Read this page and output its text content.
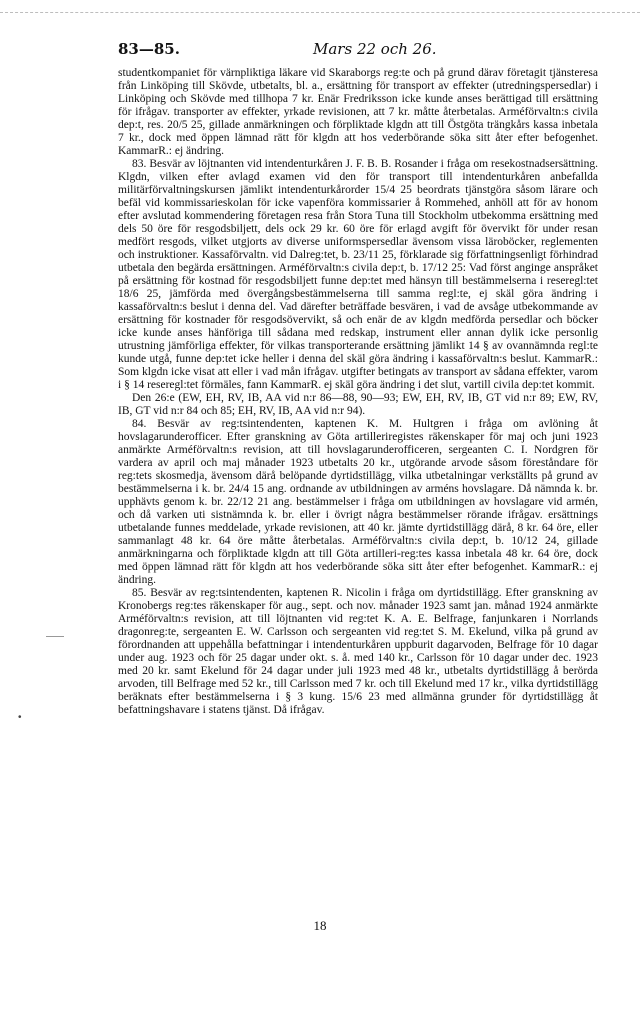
83—85.	Mars 22 och 26.

studentkompaniet för värnpliktiga läkare vid Skaraborgs reg:te och på grund därav företagit tjänsteresa från Linköping till Skövde, utbetalts, bl. a., ersättning för transport av effekter (utredningspersedlar) i Linköping och Skövde med tillhopa 7 kr. Enär Fredriksson icke kunde anses berättigad till ersättning för ifrågav. transporter av effekter, yrkade revisionen, att 7 kr. måtte återbetalas. Arméförvaltn:s civila dep:t, res. 20/5 25, gillade anmärkningen och förpliktade klgdn att till Östgöta trängkårs kassa inbetala 7 kr., dock med öppen lämnad rätt för klgdn att hos vederbörande söka sitt åter efter befogenhet. KammarR.: ej ändring.

83. Besvär av löjtnanten vid intendenturkåren J. F. B. B. Rosander i fråga om resekostnadsersättning. Klgdn, vilken efter avlagd examen vid den för transport till intendenturkåren anbefallda militärförvaltningskursen jämlikt intendenturkårorder 15/4 25 beordrats tjänstgöra såsom lärare och befäl vid kommissarieskolan för icke vapenföra kommissarier å Rommehed, anhöll att för av honom efter avslutad kommendering företagen resa från Stora Tuna till Stockholm utbekomma ersättning med dels 50 öre för resgodsbiljett, dels ock 29 kr. 60 öre för erlagd avgift för övervikt för under resan medfört resgods, vilket utgjorts av diverse uniformspersedlar ävensom vissa läroböcker, reglementen och instruktioner. Kassaförvaltn. vid Dalreg:tet, b. 23/11 25, förklarade sig författningsenligt förhindrad utbetala den begärda ersättningen. Arméförvaltn:s civila dep:t, b. 17/12 25: Vad först anginge anspråket på ersättning för kostnad för resgodsbiljett funne dep:tet med hänsyn till bestämmelserna i reseregl:tet 18/6 25, jämförda med övergångsbestämmelserna till samma regl:te, ej skäl göra ändring i kassaförvaltn:s beslut i denna del. Vad därefter beträffade besvären, i vad de avsåge utbekommande av ersättning för kostnader för resgodsövervikt, så och enär de av klgdn medförda persedlar och böcker icke kunde anses hänföriga till sådana med redskap, instrument eller annan dylik icke personlig utrustning jämförliga effekter, för vilkas transporterande ersättning jämlikt 14 § av ovannämnda regl:te kunde utgå, funne dep:tet icke heller i denna del skäl göra ändring i kassaförvaltn:s beslut. KammarR.: Som klgdn icke visat att eller i vad mån ifrågav. utgifter betingats av transport av sådana effekter, varom i § 14 reseregl:tet förmäles, fann KammarR. ej skäl göra ändring i det slut, vartill civila dep:tet kommit.

Den 26:e (EW, EH, RV, IB, AA vid n:r 86—88, 90—93; EW, EH, RV, IB, GT vid n:r 89; EW, RV, IB, GT vid n:r 84 och 85; EH, RV, IB, AA vid n:r 94).

84. Besvär av reg:tsintendenten, kaptenen K. M. Hultgren i fråga om avlöning åt hovslagarunderofficer. Efter granskning av Göta artilleriregistes räkenskaper för maj och juni 1923 anmärkte Arméförvaltn:s revision, att till hovslagarunderofficeren, sergeanten C. I. Nordgren för vardera av april och maj månader 1923 utbetalts 20 kr., utgörande arvode såsom föreståndare för reg:tets skosmedja, ävensom därå belöpande dyrtidstillägg, vilka utbetalningar verkställts på grund av bestämmelserna i k. br. 24/4 15 ang. ordnande av utbildningen av arméns hovslagare. Då nämnda k. br. upphävts genom k. br. 22/12 21 ang. bestämmelser i fråga om utbildningen av hovslagare vid armén, och då varken uti sistnämnda k. br. eller i övrigt några bestämmelser rörande ifrågav. ersättnings utbetalande funnes meddelade, yrkade revisionen, att 40 kr. jämte dyrtidstillägg därå, 8 kr. 64 öre, eller sammanlagt 48 kr. 64 öre måtte återbetalas. Arméförvaltn:s civila dep:t, b. 10/12 24, gillade anmärkningarna och förpliktade klgdn att till Göta artilleri-reg:tes kassa inbetala 48 kr. 64 öre, dock med öppen lämnad rätt för klgdn att hos vederbörande söka sitt åter efter befogenhet. KammarR.: ej ändring.

85. Besvär av reg:tsintendenten, kaptenen R. Nicolin i fråga om dyrtidstillägg. Efter granskning av Kronobergs reg:tes räkenskaper för aug., sept. och nov. månader 1923 samt jan. månad 1924 anmärkte Arméförvaltn:s revision, att till löjtnanten vid reg:tet K. A. E. Belfrage, fanjunkaren i Norrlands dragonreg:te, sergeanten E. W. Carlsson och sergeanten vid reg:tet S. M. Ekelund, vilka på grund av förordnanden att uppehålla befattningar i intendenturkåren uppburit dagarvoden, Belfrage för 10 dagar under aug. 1923 och för 25 dagar under okt. s. å. med 140 kr., Carlsson för 10 dagar under dec. 1923 med 20 kr. samt Ekelund för 24 dagar under juli 1923 med 48 kr., utbetalts dyrtidstillägg å berörda arvoden, till Belfrage med 52 kr., till Carlsson med 7 kr. och till Ekelund med 17 kr., vilka dyrtidstillägg beräknats efter bestämmelserna i § 3 kung. 15/6 23 med allmänna grunder för dyrtidstillägg åt befattningshavare i statens tjänst. Då ifrågav.

•
18
